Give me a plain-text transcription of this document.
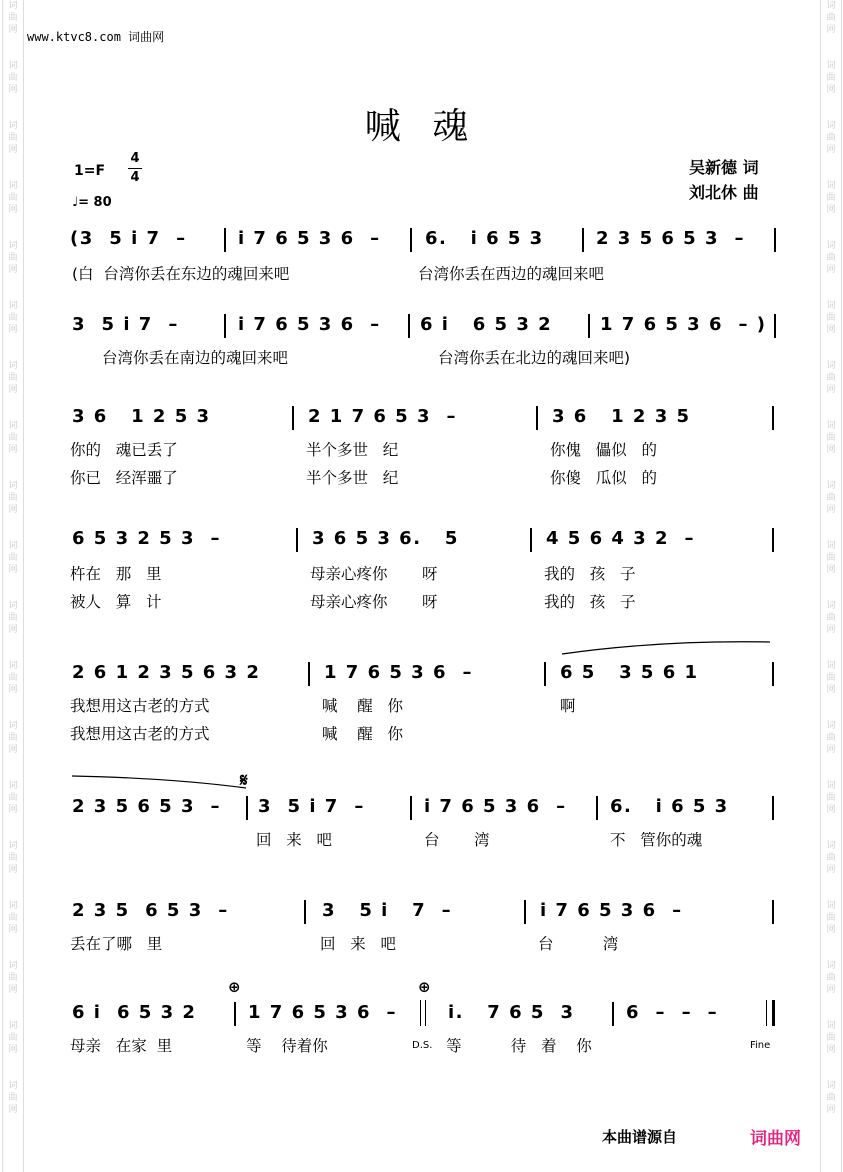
词
曲
网
词
曲
网
词
曲
网
词
曲
网
词
曲
网
词
曲
网
词
曲
网
词
曲
网
词
曲
网
词
曲
网
词
曲
网
词
曲
网
词
曲
网
词
曲
网
词
曲
网
词
曲
网
词
曲
网
词
曲
网
词
曲
网
词
曲
网
词
曲
网
词
曲
网
词
曲
网
词
曲
网
词
曲
网
词
曲
网
词
曲
网
词
曲
网
词
曲
网
词
曲
网
词
曲
网
词
曲
网
词
曲
网
词
曲
网
词
曲
网
词
曲
网
词
曲
网
词
曲
网
www.ktvc8.com 词曲网
喊 魂
1=F
4
4
♩= 80
吴新德 词
刘北休 曲
(3  5 i 7  –	i 7 6 5 3 6  – 6.   i 6 5 3	2 3 5 6 5 3  –
(白  台湾你丢在东边的魂回来吧	台湾你丢在西边的魂回来吧
3  5 i 7  –	i 7 6 5 3 6  – 6 i   6 5 3 2	1 7 6 5 3 6  – )
台湾你丢在南边的魂回来吧	台湾你丢在北边的魂回来吧)
3 6   1 2 5 3	2 1 7 6 5 3  –	3 6   1 2 3 5
你的   魂已丢了	半个多世   纪	你傀   儡似   的
你已   经浑噩了	半个多世   纪	你傻   瓜似   的
6 5 3 2 5 3  –	3 6 5 3 6.   5	4 5 6 4 3 2  –
杵在   那   里	母亲心疼你       呀	我的   孩   子
被人   算   计	母亲心疼你       呀	我的   孩   子
2 6 1 2 3 5 6 3 2	1 7 6 5 3 6  –	6 5   3 5 6 1
我想用这古老的方式	喊    醒   你	啊
我想用这古老的方式	喊    醒   你
𝄋
2 3 5 6 5 3  – 3  5 i 7  –	i 7 6 5 3 6  – 6.   i 6 5 3
回   来   吧	台       湾	不   管你的魂
2 3 5  6 5 3  –	3   5 i   7  –	i 7 6 5 3 6  –
丢在了哪   里	回   来   吧	台          湾
⊕	⊕
6 i  6 5 3 2	1 7 6 5 3 6  –	i.   7 6 5  3	6  –  –  –
母亲   在家  里	等    待着你	D.S. 等          待   着    你	Fine
本曲谱源自	词曲网
